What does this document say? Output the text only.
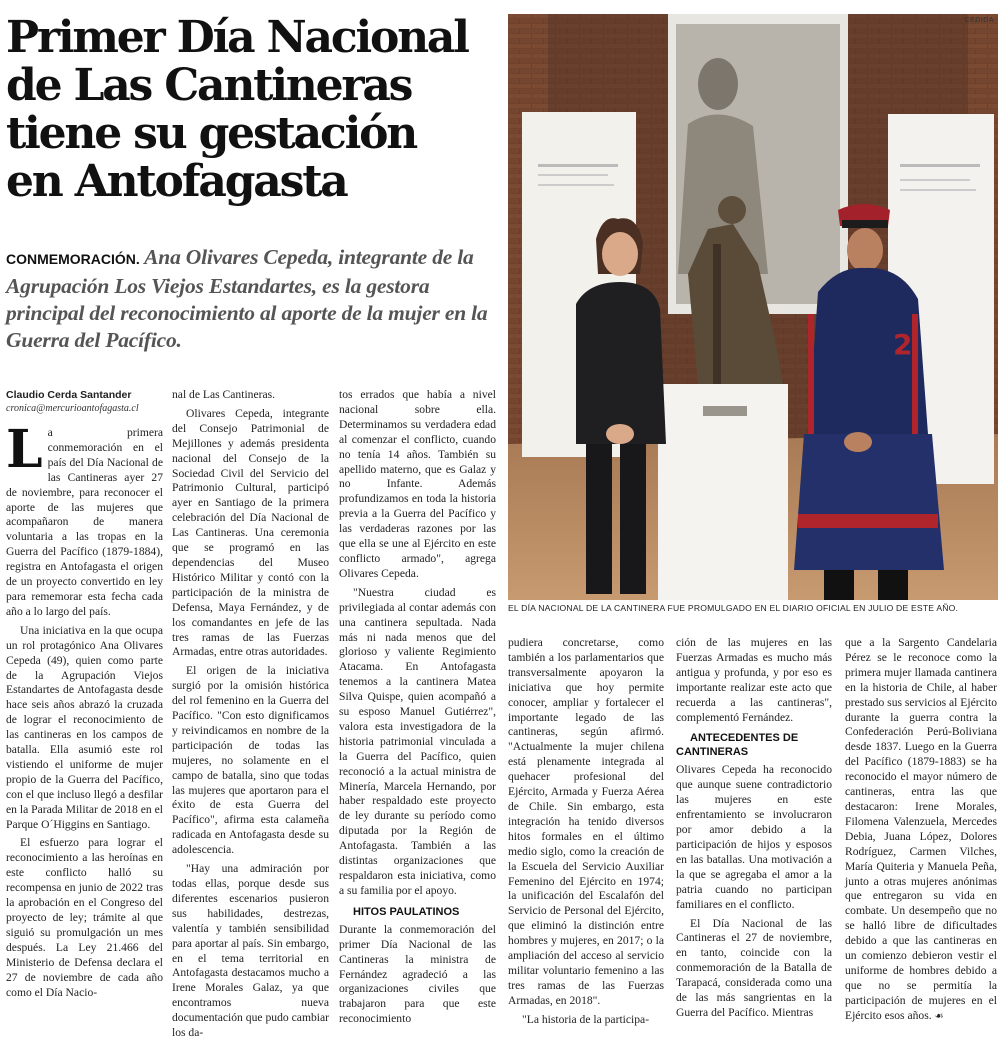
Primer Día Nacional
de Las Cantineras
tiene su gestación
en Antofagasta
CONMEMORACIÓN. Ana Olivares Cepeda, integrante de la Agrupación Los Viejos Estandartes, es la gestora principal del reconocimiento al aporte de la mujer en la Guerra del Pacífico.	2
CEDIDA
EL DÍA NACIONAL DE LA CANTINERA FUE PROMULGADO EN EL DIARIO OFICIAL EN JULIO DE ESTE AÑO.
Claudio Cerda Santander
cronica@mercurioantofagasta.cl

L a primera conmemoración en el país del Día Nacional de las Cantineras ayer 27 de noviembre, para reconocer el aporte de las mujeres que acompañaron de manera voluntaria a las tropas en la Guerra del Pacífico (1879-1884), registra en Antofagasta el origen de un proyecto convertido en ley para rememorar esta fecha cada año a lo largo del país.

Una iniciativa en la que ocupa un rol protagónico Ana Olivares Cepeda (49), quien como parte de la Agrupación Viejos Estandartes de Antofagasta desde hace seis años abrazó la cruzada de lograr el reconocimiento de las cantineras en los campos de batalla. Ella asumió este rol vistiendo el uniforme de mujer propio de la Guerra del Pacífico, con el que incluso llegó a desfilar en la Parada Militar de 2018 en el Parque O´Higgins en Santiago.

El esfuerzo para lograr el reconocimiento a las heroínas en este conflicto halló su recompensa en junio de 2022 tras la aprobación en el Congreso del proyecto de ley; trámite al que siguió su promulgación un mes después. La Ley 21.466 del Ministerio de Defensa declara el 27 de noviembre de cada año como el Día Nacio-

nal de Las Cantineras.

Olivares Cepeda, integrante del Consejo Patrimonial de Mejillones y además presidenta nacional del Consejo de la Sociedad Civil del Servicio del Patrimonio Cultural, participó ayer en Santiago de la primera celebración del Día Nacional de Las Cantineras. Una ceremonia que se programó en las dependencias del Museo Histórico Militar y contó con la participación de la ministra de Defensa, Maya Fernández, y de los comandantes en jefe de las tres ramas de las Fuerzas Armadas, entre otras autoridades.

El origen de la iniciativa surgió por la omisión histórica del rol femenino en la Guerra del Pacífico. "Con esto dignificamos y reivindicamos en nombre de la participación de todas las mujeres, no solamente en el campo de batalla, sino que todas las mujeres que aportaron para el éxito de esta Guerra del Pacífico", afirma esta calameña radicada en Antofagasta desde su adolescencia.

"Hay una admiración por todas ellas, porque desde sus diferentes escenarios pusieron sus habilidades, destrezas, valentía y también sensibilidad para aportar al país. Sin embargo, en el tema territorial en Antofagasta destacamos mucho a Irene Morales Galaz, ya que encontramos nueva documentación que pudo cambiar los da-

tos errados que había a nivel nacional sobre ella. Determinamos su verdadera edad al comenzar el conflicto, cuando no tenía 14 años. También su apellido materno, que es Galaz y no Infante. Además profundizamos en toda la historia previa a la Guerra del Pacífico y las verdaderas razones por las que ella se une al Ejército en este conflicto armado", agrega Olivares Cepeda.

"Nuestra ciudad es privilegiada al contar además con una cantinera sepultada. Nada más ni nada menos que del glorioso y valiente Regimiento Atacama. En Antofagasta tenemos a la cantinera Matea Silva Quispe, quien acompañó a su esposo Manuel Gutiérrez", valora esta investigadora de la historia patrimonial vinculada a la Guerra del Pacífico, quien reconoció a la actual ministra de Minería, Marcela Hernando, por haber respaldado este proyecto de ley durante su período como diputada por la Región de Antofagasta. También a las distintas organizaciones que respaldaron esta iniciativa, como a su familia por el apoyo.

HITOS PAULATINOS

Durante la conmemoración del primer Día Nacional de las Cantineras la ministra de Fernández agradeció a las organizaciones civiles que trabajaron para que este reconocimiento

pudiera concretarse, como también a los parlamentarios que transversalmente apoyaron la iniciativa que hoy permite conocer, ampliar y fortalecer el importante legado de las cantineras, según afirmó. "Actualmente la mujer chilena está plenamente integrada al quehacer profesional del Ejército, Armada y Fuerza Aérea de Chile. Sin embargo, esta integración ha tenido diversos hitos formales en el último medio siglo, como la creación de la Escuela del Servicio Auxiliar Femenino del Ejército en 1974; la unificación del Escalafón del Servicio de Personal del Ejército, que eliminó la distinción entre hombres y mujeres, en 2017; o la ampliación del acceso al servicio militar voluntario femenino a las tres ramas de las Fuerzas Armadas, en 2018".

"La historia de la participa-

ción de las mujeres en las Fuerzas Armadas es mucho más antigua y profunda, y por eso es importante realizar este acto que recuerda a las cantineras", complementó Fernández.

ANTECEDENTES DE CANTINERAS

Olivares Cepeda ha reconocido que aunque suene contradictorio las mujeres en este enfrentamiento se involucraron por amor debido a la participación de hijos y esposos en las batallas. Una motivación a la que se agregaba el amor a la patria cuando no participan familiares en el conflicto.

El Día Nacional de las Cantineras el 27 de noviembre, en tanto, coincide con la conmemoración de la Batalla de Tarapacá, considerada como una de las más sangrientas en la Guerra del Pacífico. Mientras

que a la Sargento Candelaria Pérez se le reconoce como la primera mujer llamada cantinera en la historia de Chile, al haber prestado sus servicios al Ejército durante la guerra contra la Confederación Perú-Boliviana desde 1837. Luego en la Guerra del Pacífico (1879-1883) se ha reconocido el mayor número de cantineras, entra las que destacaron: Irene Morales, Filomena Valenzuela, Mercedes Debia, Juana López, Dolores Rodríguez, Carmen Vilches, María Quiteria y Manuela Peña, junto a otras mujeres anónimas que entregaron su vida en combate. Un desempeño que no se halló libre de dificultades debido a que las cantineras en un comienzo debieron vestir el uniforme de hombres debido a que no se permitía la participación de mujeres en el Ejército esos años. ☙
